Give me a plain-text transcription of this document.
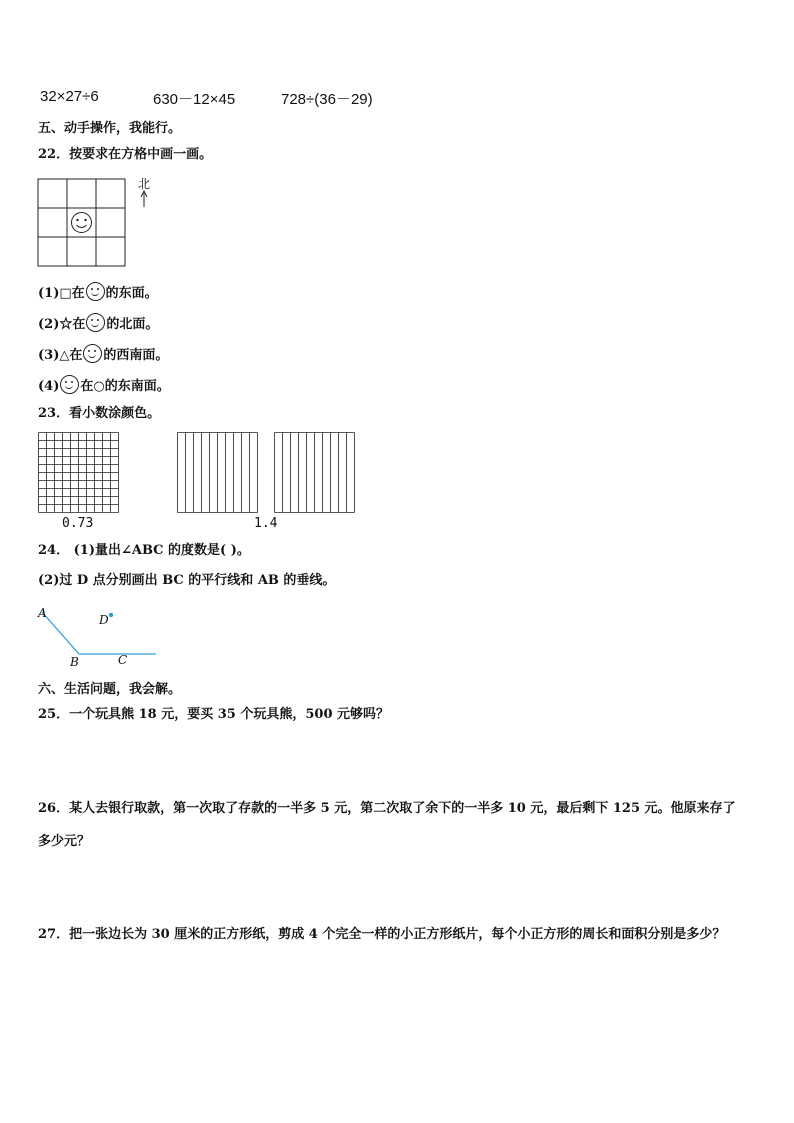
32×27÷6	630－12×45	728÷(36－29)
五、动手操作，我能行。
22．按要求在方格中画一画。
北
(1)□在 的东面。
(2)☆在 的北面。
(3)△在 的西南面。
(4) 在○的东南面。
23．看小数涂颜色。
0.73	1.4
24． (1)量出∠ABC 的度数是( )。
(2)过 D 点分别画出 BC 的平行线和 AB 的垂线。
A
B	C
D
六、生活问题，我会解。
25．一个玩具熊 18 元，要买 35 个玩具熊，500 元够吗？
26．某人去银行取款，第一次取了存款的一半多 5 元，第二次取了余下的一半多 10 元，最后剩下 125 元。他原来存了
多少元？
27．把一张边长为 30 厘米的正方形纸，剪成 4 个完全一样的小正方形纸片，每个小正方形的周长和面积分别是多少？
